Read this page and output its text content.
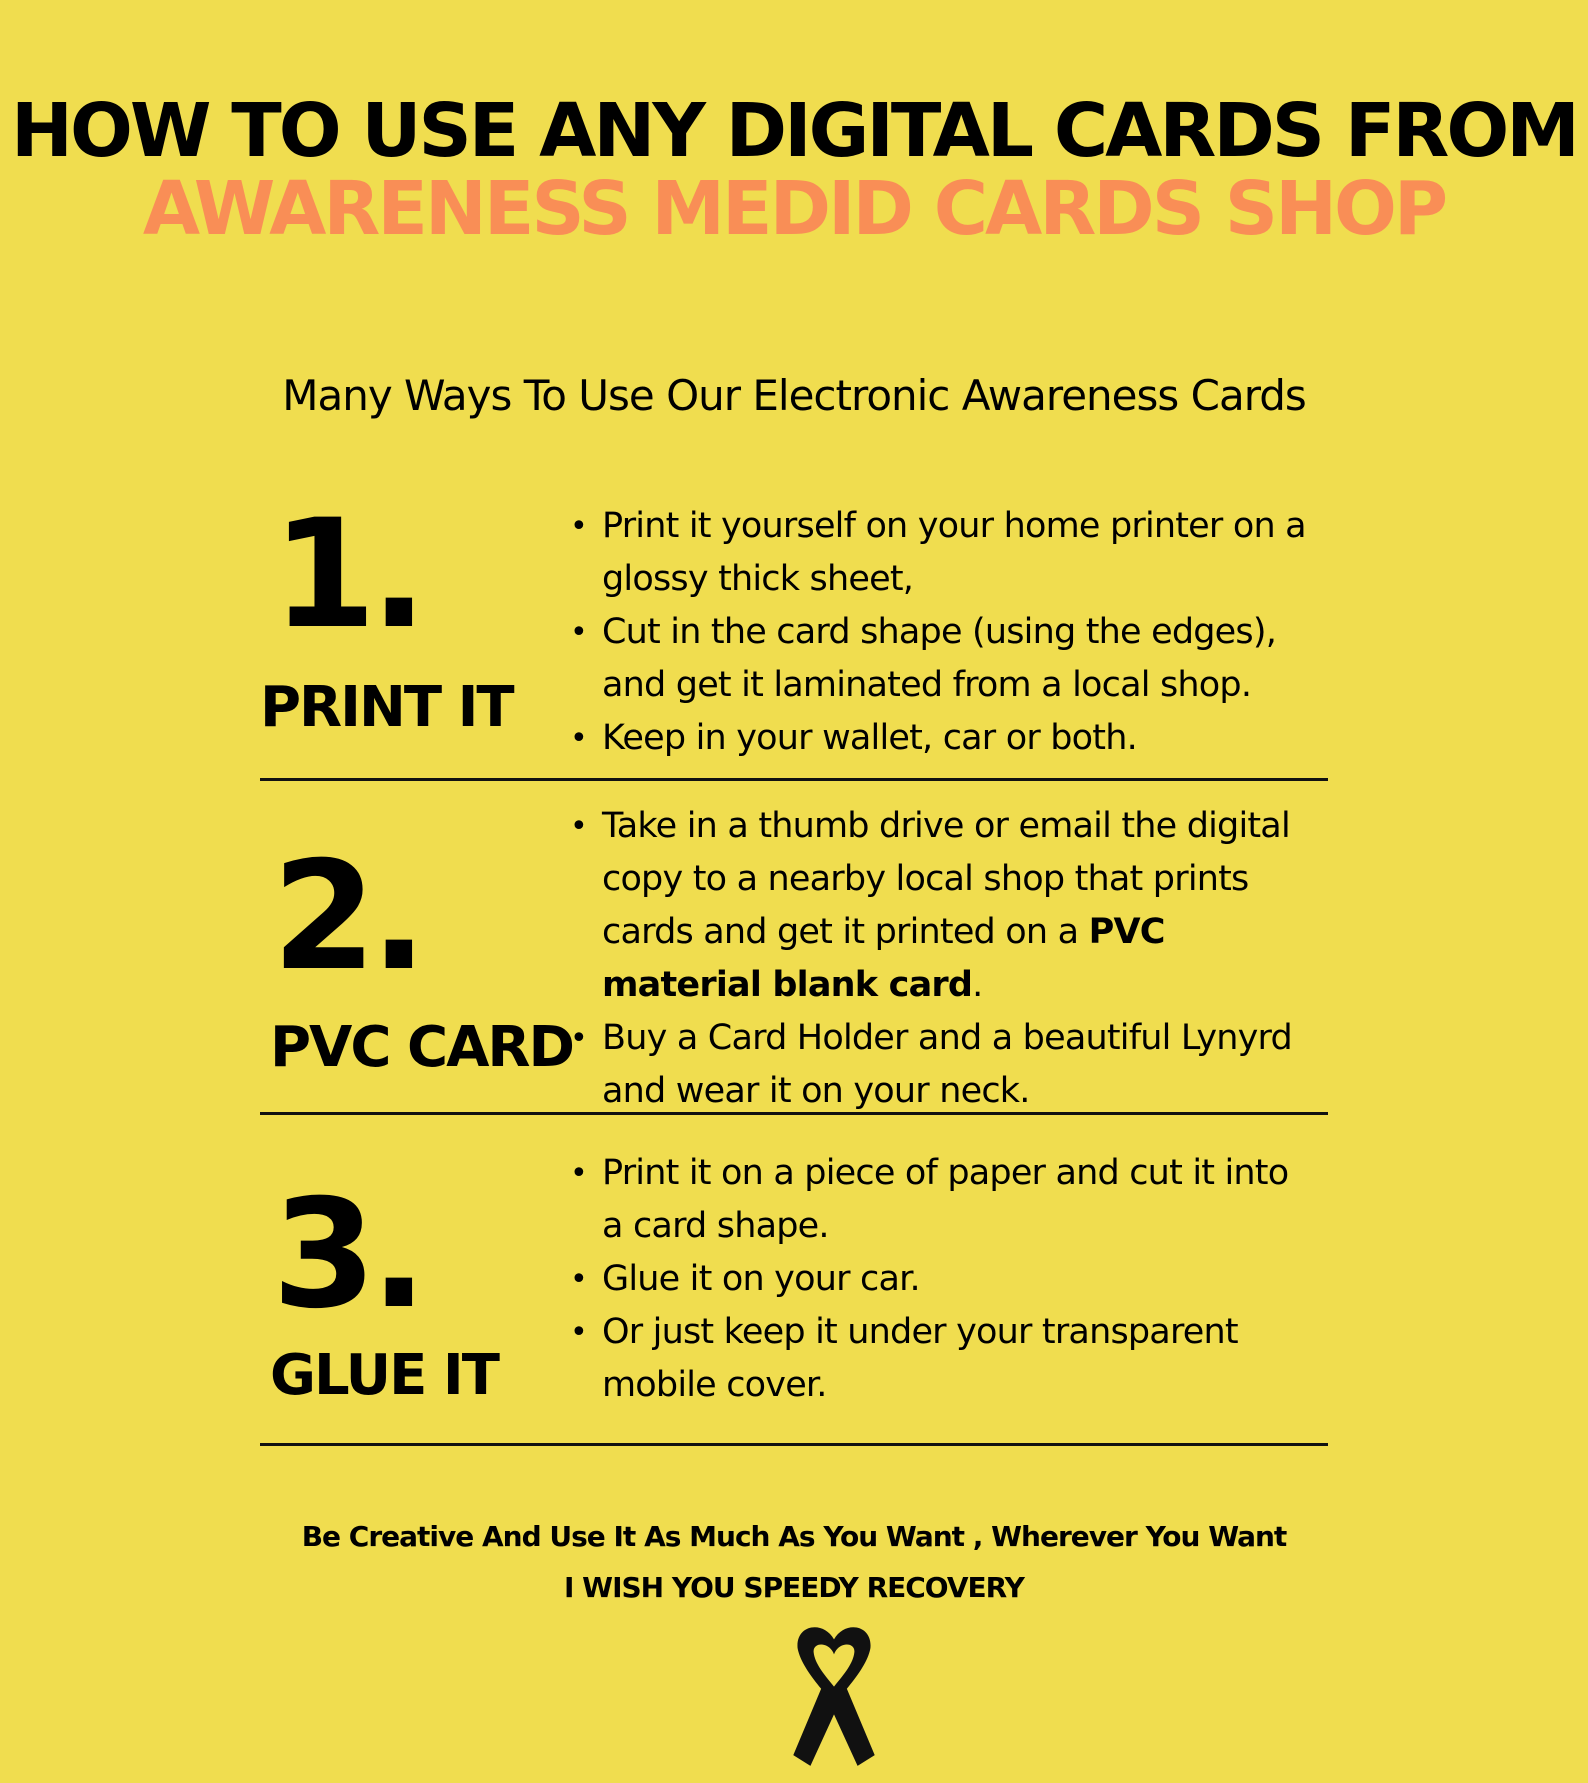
HOW TO USE ANY DIGITAL CARDS FROM AWARENESS MEDID CARDS SHOP

Many Ways To Use Our Electronic Awareness Cards

1.
PRINT IT
• Print it yourself on your home printer on a glossy thick sheet,
• Cut in the card shape (using the edges), and get it laminated from a local shop.
• Keep in your wallet, car or both.
2.
PVC CARD
• Take in a thumb drive or email the digital copy to a nearby local shop that prints cards and get it printed on a PVC material blank card.
• Buy a Card Holder and a beautiful Lynyrd and wear it on your neck.
3.
GLUE IT
• Print it on a piece of paper and cut it into a card shape.
• Glue it on your car.
• Or just keep it under your transparent mobile cover.
Be Creative And Use It As Much As You Want , Wherever You Want
I WISH YOU SPEEDY RECOVERY
